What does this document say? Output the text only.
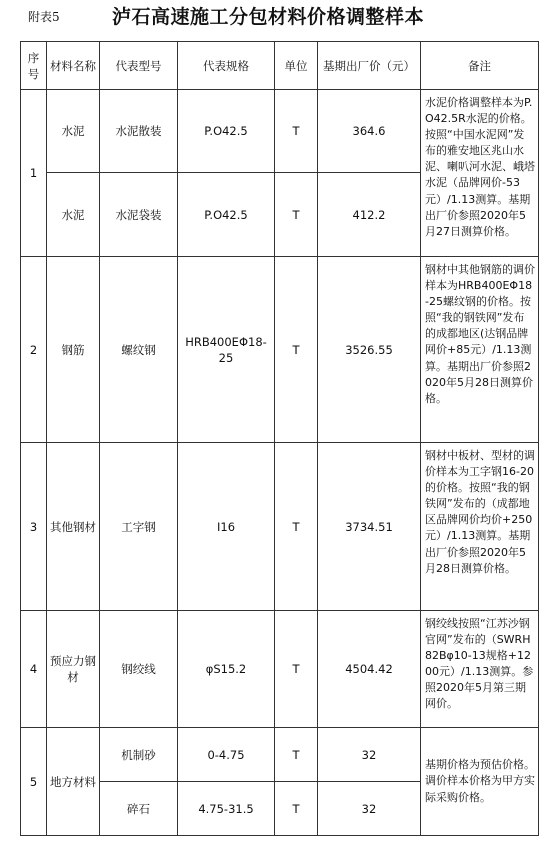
附表5	泸石高速施工分包材料价格调整样本
序号	材料名称	代表型号	代表规格	单位	基期出厂价（元）	备注
1	水泥	水泥散装	P.O42.5	T	364.6	水泥价格调整样本为P.O42.5R水泥的价格。按照“中国水泥网”发布的雅安地区兆山水泥、喇叭河水泥、峨塔水泥（品牌网价-53元）/1.13测算。基期出厂价参照2020年5月27日测算价格。
	水泥	水泥袋装	P.O42.5	T	412.2	
2	钢筋	螺纹钢	HRB400EΦ18-25	T	3526.55	钢材中其他钢筋的调价样本为HRB400EΦ18-25螺纹钢的价格。按照“我的钢铁网”发布的成都地区(达钢品牌网价+85元）/1.13测算。基期出厂价参照2020年5月28日测算价格。
3	其他钢材	工字钢	I16	T	3734.51	钢材中板材、型材的调价样本为工字钢16-20的价格。按照“我的钢铁网”发布的（成都地区品牌网价均价+250元）/1.13测算。基期出厂价参照2020年5月28日测算价格。
4	预应力钢材	钢绞线	φS15.2	T	4504.42	钢绞线按照“江苏沙钢官网”发布的（SWRH82Bφ10-13规格+1200元）/1.13测算。参照2020年5月第三期网价。
5	地方材料	机制砂	0-4.75	T	32	基期价格为预估价格。调价样本价格为甲方实际采购价格。
		碎石	4.75-31.5	T	32	
